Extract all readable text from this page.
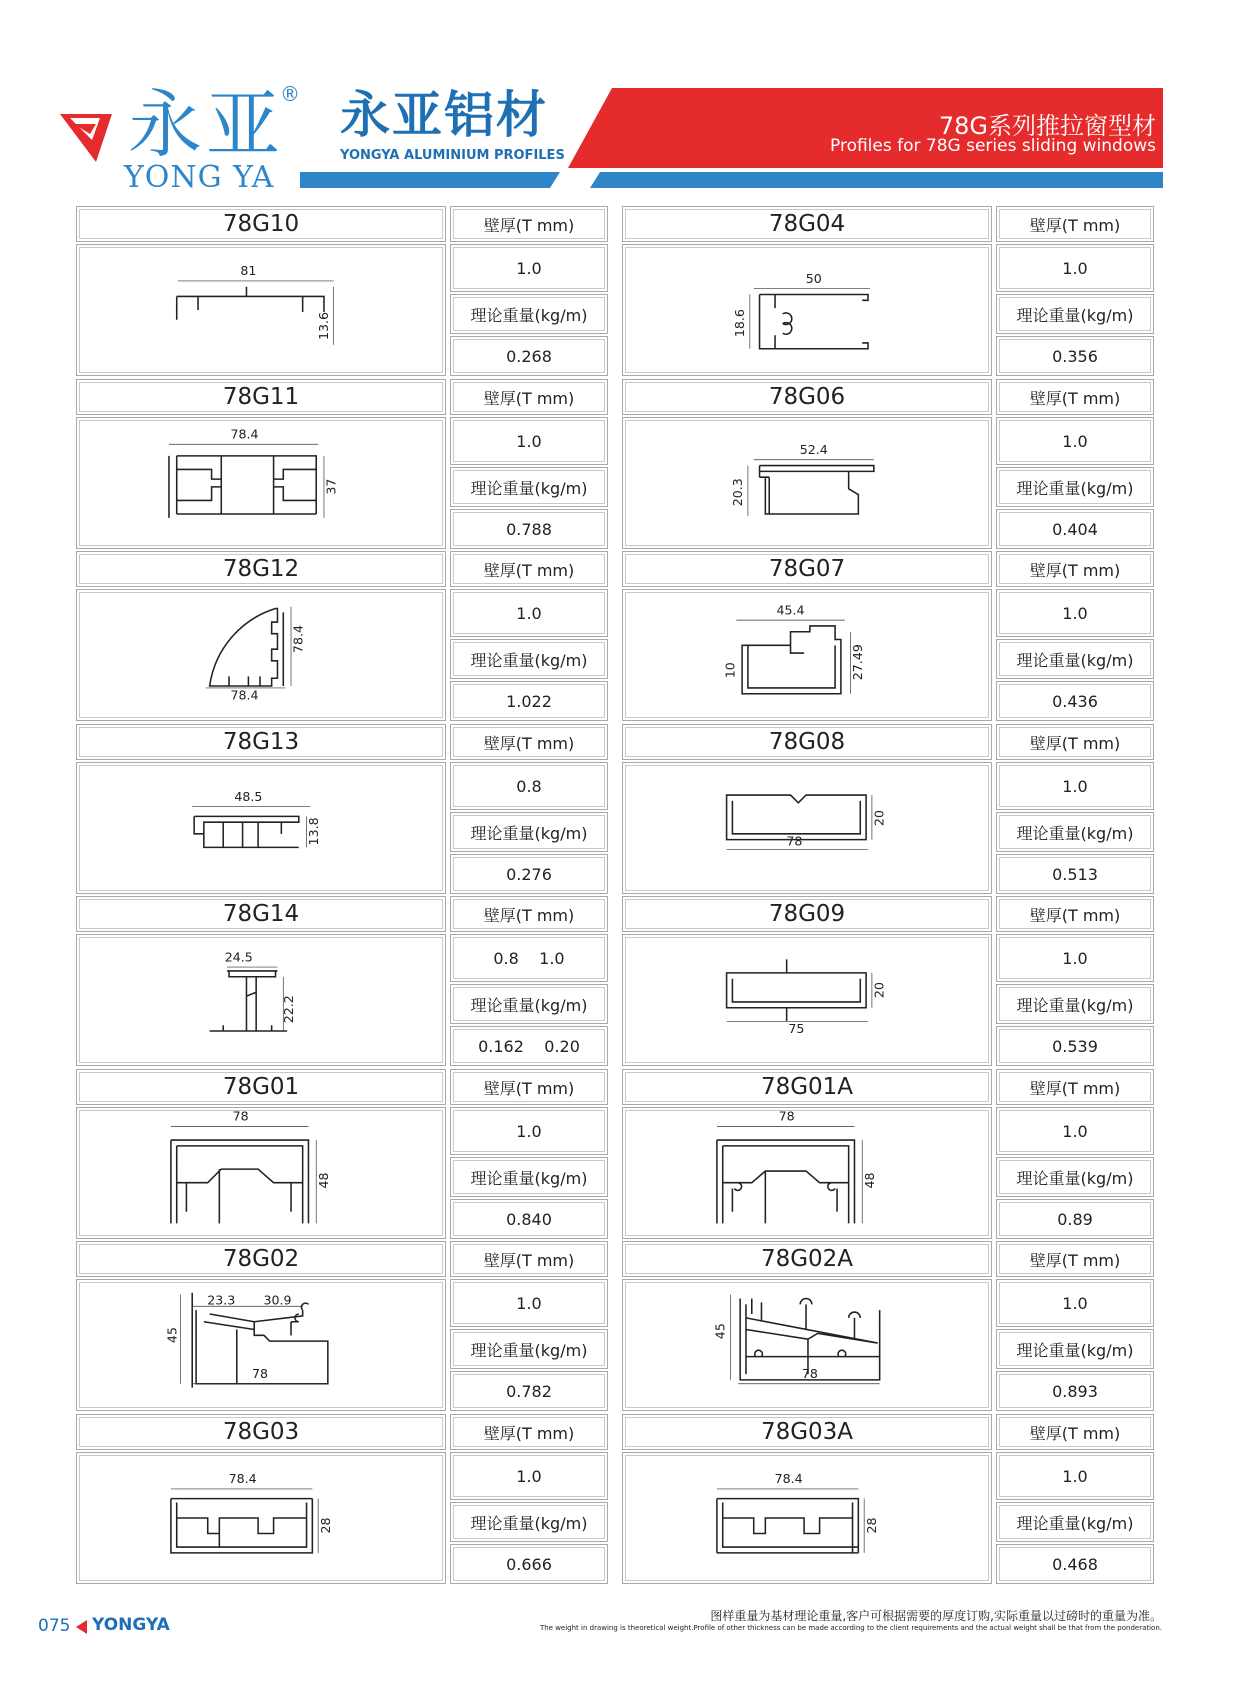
永亚
®
YONG YA
永亚铝材
YONGYA ALUMINIUM PROFILES
78G系列推拉窗型材
Profiles for 78G series sliding windows
78G10	壁厚(T mm)
81
13.6
1.0
理论重量(kg/m)
0.268
78G04	壁厚(T mm)
50
18.6
1.0
理论重量(kg/m)
0.356
78G11	壁厚(T mm)
78.4
37
1.0
理论重量(kg/m)
0.788
78G06	壁厚(T mm)
52.4
20.3
1.0
理论重量(kg/m)
0.404
78G12	壁厚(T mm)
78.4
78.4
1.0
理论重量(kg/m)
1.022
78G07	壁厚(T mm)
45.4
27.49
10
1.0
理论重量(kg/m)
0.436
78G13	壁厚(T mm)
48.5
13.8
0.8
理论重量(kg/m)
0.276
78G08	壁厚(T mm)
78
20
1.0
理论重量(kg/m)
0.513
78G14	壁厚(T mm)
24.5
22.2
0.8    1.0
理论重量(kg/m)
0.162    0.20
78G09	壁厚(T mm)
75
20
1.0
理论重量(kg/m)
0.539
78G01	壁厚(T mm)
78
48
1.0
理论重量(kg/m)
0.840
78G01A	壁厚(T mm)
78
48
1.0
理论重量(kg/m)
0.89
78G02	壁厚(T mm)
23.3 30.9
78
45
1.0
理论重量(kg/m)
0.782
78G02A	壁厚(T mm)
78
45
1.0
理论重量(kg/m)
0.893
78G03	壁厚(T mm)
78.4
28
1.0
理论重量(kg/m)
0.666
78G03A	壁厚(T mm)
78.4
28
1.0
理论重量(kg/m)
0.468
075 YONGYA	图样重量为基材理论重量,客户可根据需要的厚度订购,实际重量以过磅时的重量为准。
The weight in drawing is theoretical weight.Profile of other thickness can be made according to the client requirements and the actual weight shall be that from the ponderation.
